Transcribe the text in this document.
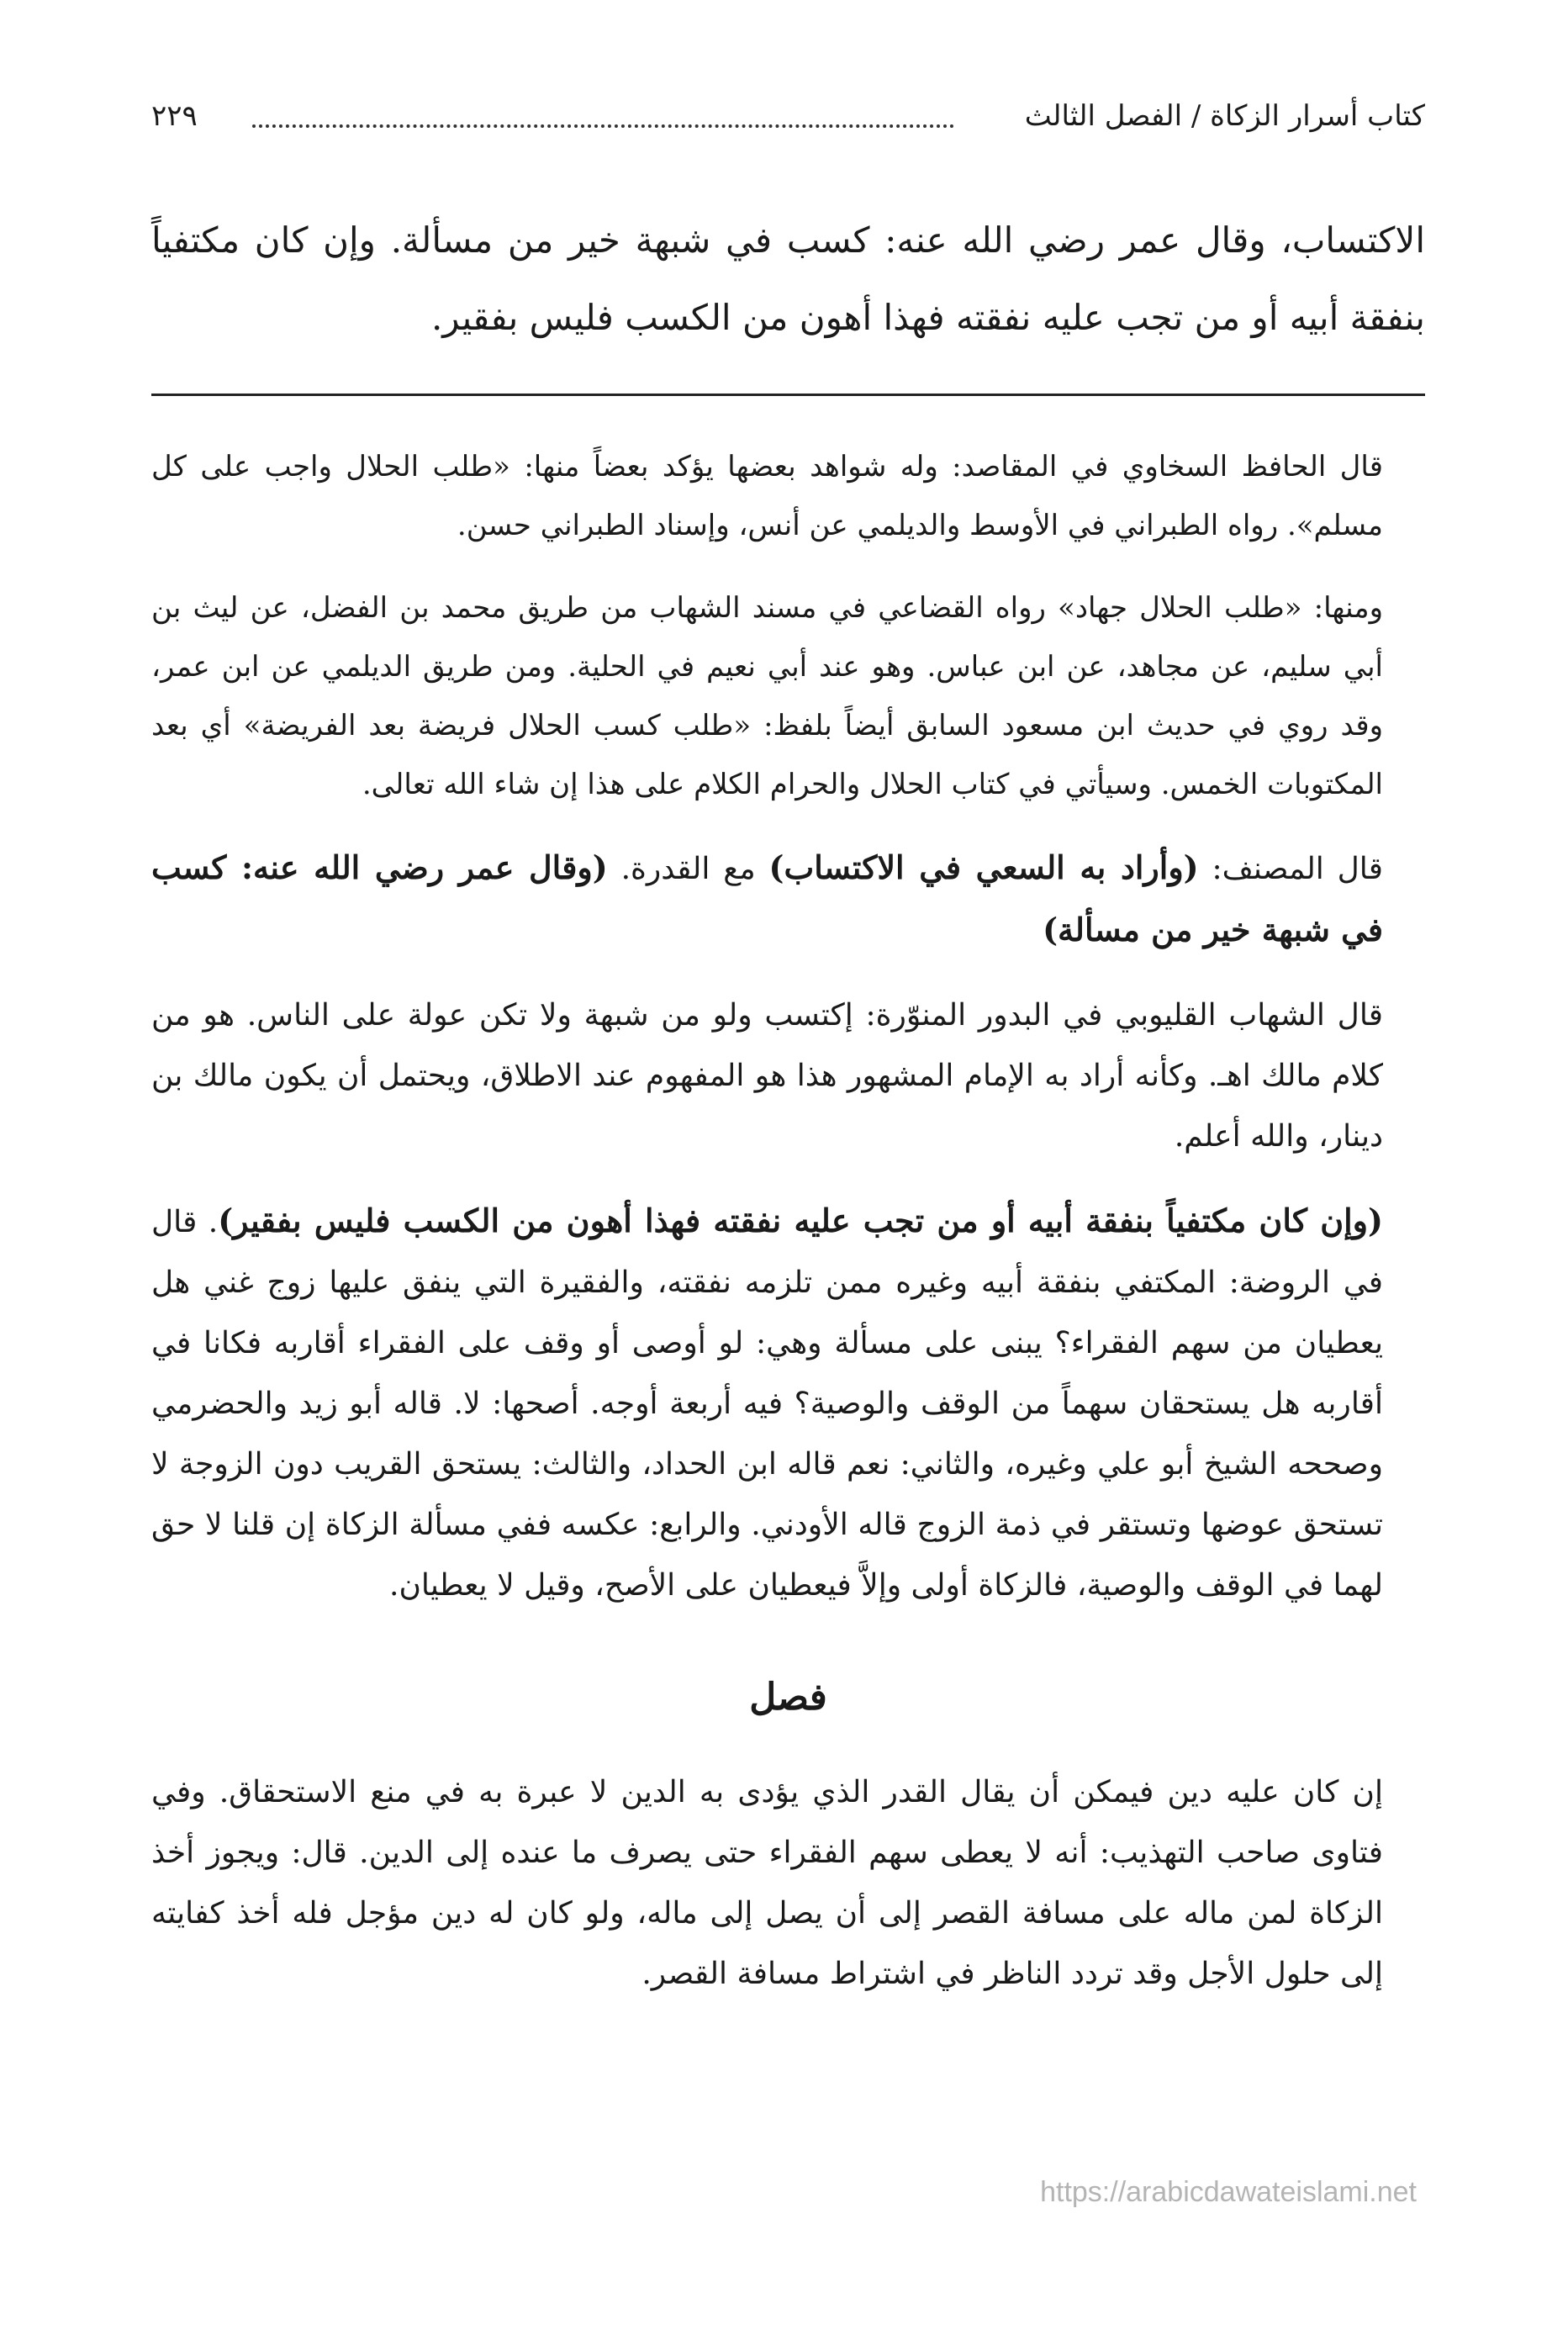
كتاب أسرار الزكاة / الفصل الثالث
٢٢٩
الاكتساب، وقال عمر رضي الله عنه: كسب في شبهة خير من مسألة. وإن كان مكتفياً بنفقة أبيه أو من تجب عليه نفقته فهذا أهون من الكسب فليس بفقير.

قال الحافظ السخاوي في المقاصد: وله شواهد بعضها يؤكد بعضاً منها: «طلب الحلال واجب على كل مسلم». رواه الطبراني في الأوسط والديلمي عن أنس، وإسناد الطبراني حسن.

ومنها: «طلب الحلال جهاد» رواه القضاعي في مسند الشهاب من طريق محمد بن الفضل، عن ليث بن أبي سليم، عن مجاهد، عن ابن عباس. وهو عند أبي نعيم في الحلية. ومن طريق الديلمي عن ابن عمر، وقد روي في حديث ابن مسعود السابق أيضاً بلفظ: «طلب كسب الحلال فريضة بعد الفريضة» أي بعد المكتوبات الخمس. وسيأتي في كتاب الحلال والحرام الكلام على هذا إن شاء الله تعالى.

قال المصنف: (وأراد به السعي في الاكتساب) مع القدرة. (وقال عمر رضي الله عنه: كسب في شبهة خير من مسألة)

قال الشهاب القليوبي في البدور المنوّرة: إكتسب ولو من شبهة ولا تكن عولة على الناس. هو من كلام مالك اهـ. وكأنه أراد به الإمام المشهور هذا هو المفهوم عند الاطلاق، ويحتمل أن يكون مالك بن دينار، والله أعلم.

(وإن كان مكتفياً بنفقة أبيه أو من تجب عليه نفقته فهذا أهون من الكسب فليس بفقير). قال في الروضة: المكتفي بنفقة أبيه وغيره ممن تلزمه نفقته، والفقيرة التي ينفق عليها زوج غني هل يعطيان من سهم الفقراء؟ يبنى على مسألة وهي: لو أوصى أو وقف على الفقراء أقاربه فكانا في أقاربه هل يستحقان سهماً من الوقف والوصية؟ فيه أربعة أوجه. أصحها: لا. قاله أبو زيد والحضرمي وصححه الشيخ أبو علي وغيره، والثاني: نعم قاله ابن الحداد، والثالث: يستحق القريب دون الزوجة لا تستحق عوضها وتستقر في ذمة الزوج قاله الأودني. والرابع: عكسه ففي مسألة الزكاة إن قلنا لا حق لهما في الوقف والوصية، فالزكاة أولى وإلاَّ فيعطيان على الأصح، وقيل لا يعطيان.

فصل

إن كان عليه دين فيمكن أن يقال القدر الذي يؤدى به الدين لا عبرة به في منع الاستحقاق. وفي فتاوى صاحب التهذيب: أنه لا يعطى سهم الفقراء حتى يصرف ما عنده إلى الدين. قال: ويجوز أخذ الزكاة لمن ماله على مسافة القصر إلى أن يصل إلى ماله، ولو كان له دين مؤجل فله أخذ كفايته إلى حلول الأجل وقد تردد الناظر في اشتراط مسافة القصر.

https://arabicdawateislami.net
